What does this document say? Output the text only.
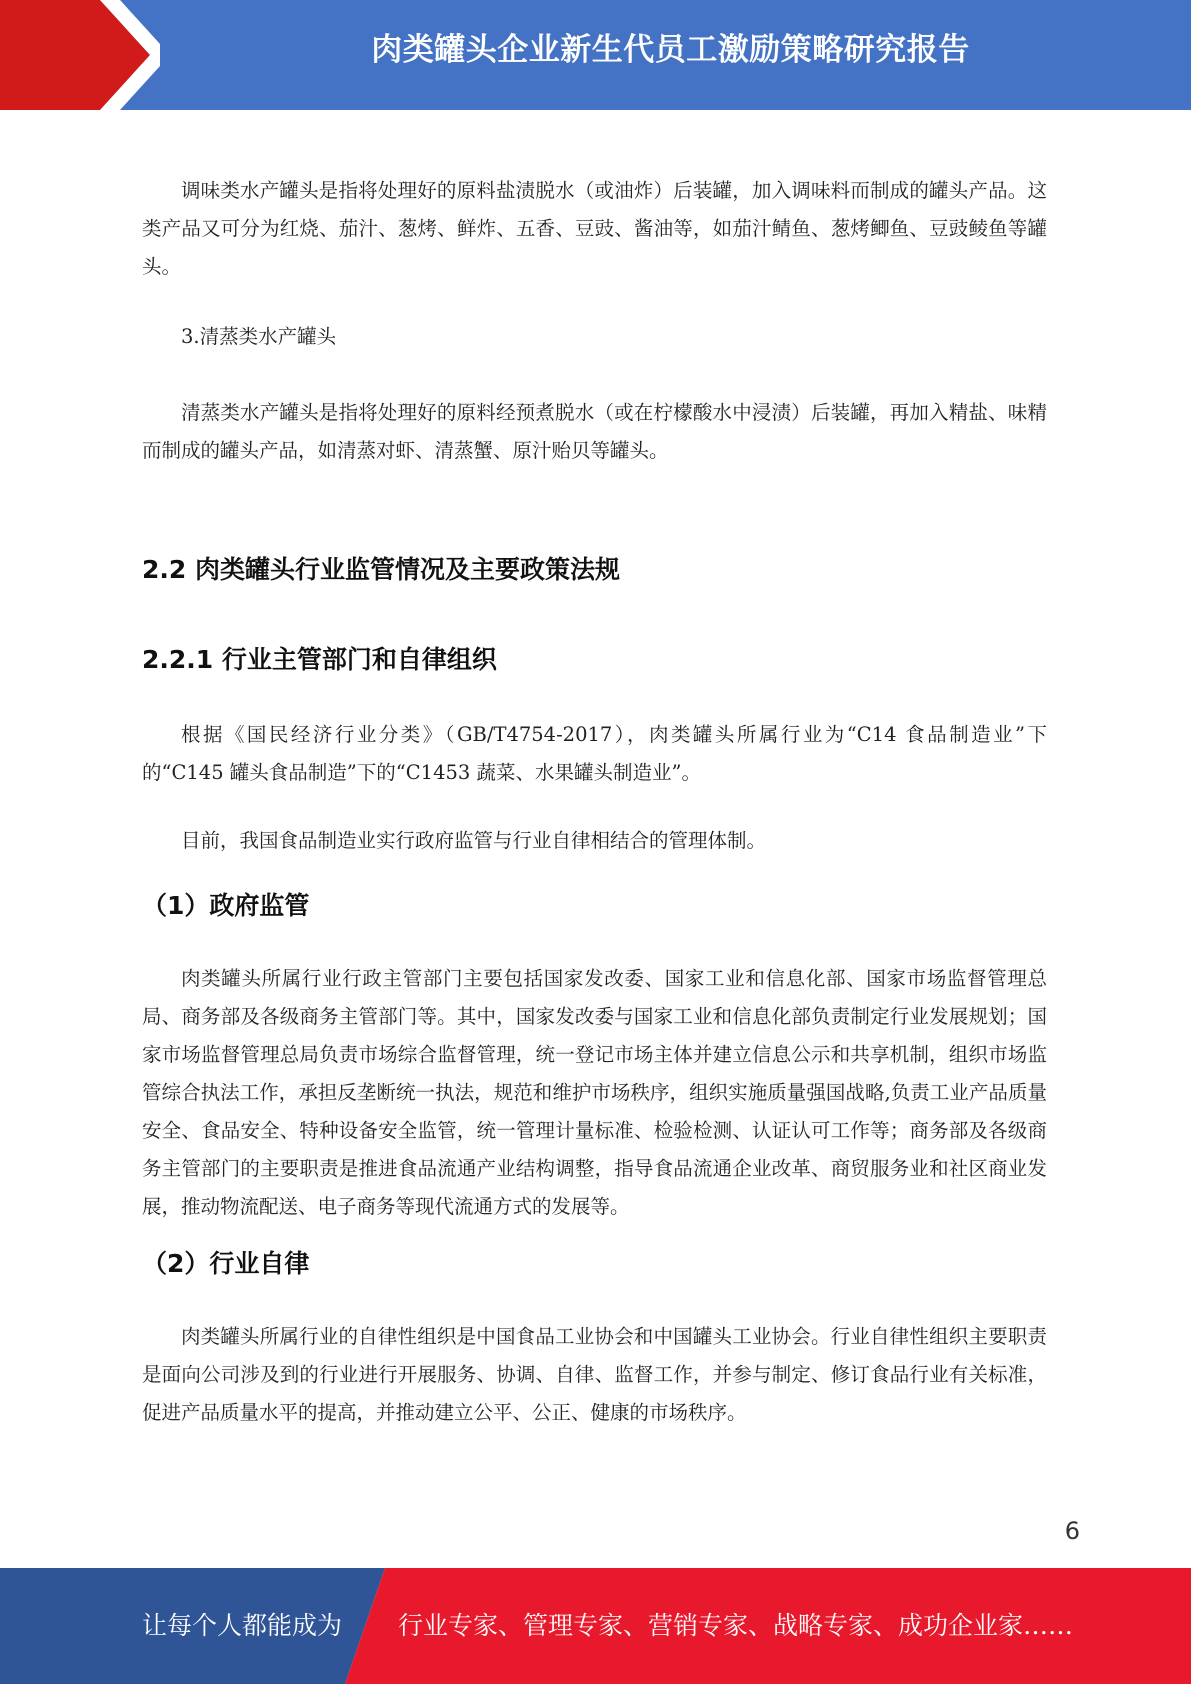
肉类罐头企业新生代员工激励策略研究报告

调味类水产罐头是指将处理好的原料盐渍脱水（或油炸）后装罐，加入调味料而制成的罐头产品。这类产品又可分为红烧、茄汁、葱烤、鲜炸、五香、豆豉、酱油等，如茄汁鲭鱼、葱烤鲫鱼、豆豉鲮鱼等罐头。

3.清蒸类水产罐头

清蒸类水产罐头是指将处理好的原料经预煮脱水（或在柠檬酸水中浸渍）后装罐，再加入精盐、味精而制成的罐头产品，如清蒸对虾、清蒸蟹、原汁贻贝等罐头。

2.2 肉类罐头行业监管情况及主要政策法规
2.2.1 行业主管部门和自律组织

根据《国民经济行业分类》（GB/T4754-2017），肉类罐头所属行业为“C14 食品制造业”下的“C145 罐头食品制造”下的“C1453 蔬菜、水果罐头制造业”。

目前，我国食品制造业实行政府监管与行业自律相结合的管理体制。

（1）政府监管

肉类罐头所属行业行政主管部门主要包括国家发改委、国家工业和信息化部、国家市场监督管理总局、商务部及各级商务主管部门等。其中，国家发改委与国家工业和信息化部负责制定行业发展规划；国家市场监督管理总局负责市场综合监督管理，统一登记市场主体并建立信息公示和共享机制，组织市场监管综合执法工作，承担反垄断统一执法，规范和维护市场秩序，组织实施质量强国战略,负责工业产品质量安全、食品安全、特种设备安全监管，统一管理计量标准、检验检测、认证认可工作等；商务部及各级商务主管部门的主要职责是推进食品流通产业结构调整，指导食品流通企业改革、商贸服务业和社区商业发展，推动物流配送、电子商务等现代流通方式的发展等。

（2）行业自律

肉类罐头所属行业的自律性组织是中国食品工业协会和中国罐头工业协会。行业自律性组织主要职责是面向公司涉及到的行业进行开展服务、协调、自律、监督工作，并参与制定、修订食品行业有关标准，促进产品质量水平的提高，并推动建立公平、公正、健康的市场秩序。

6
让每个人都能成为 行业专家、管理专家、营销专家、战略专家、成功企业家……
